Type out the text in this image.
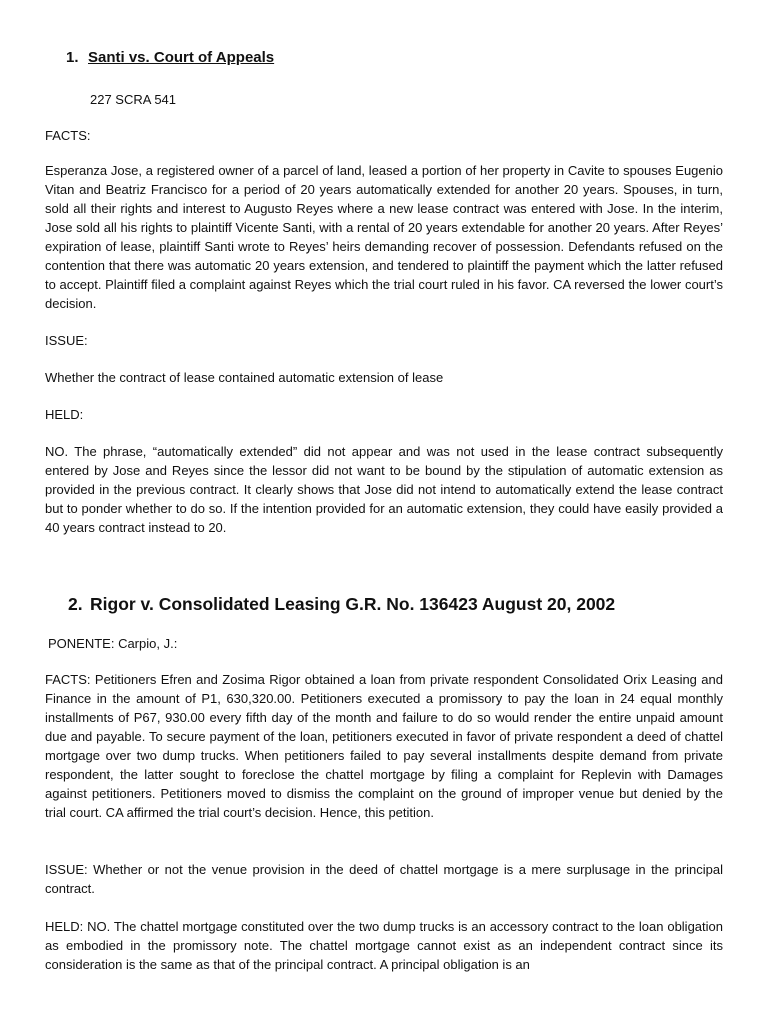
1. Santi vs. Court of Appeals

227 SCRA 541

FACTS:

Esperanza Jose, a registered owner of a parcel of land, leased a portion of her property in Cavite to spouses Eugenio Vitan and Beatriz Francisco for a period of 20 years automatically extended for another 20 years. Spouses, in turn, sold all their rights and interest to Augusto Reyes where a new lease contract was entered with Jose. In the interim, Jose sold all his rights to plaintiff Vicente Santi, with a rental of 20 years extendable for another 20 years. After Reyes’ expiration of lease, plaintiff Santi wrote to Reyes’ heirs demanding recover of possession. Defendants refused on the contention that there was automatic 20 years extension, and tendered to plaintiff the payment which the latter refused to accept. Plaintiff filed a complaint against Reyes which the trial court ruled in his favor. CA reversed the lower court’s decision.

ISSUE:

Whether the contract of lease contained automatic extension of lease

HELD:

NO. The phrase, “automatically extended” did not appear and was not used in the lease contract subsequently entered by Jose and Reyes since the lessor did not want to be bound by the stipulation of automatic extension as provided in the previous contract. It clearly shows that Jose did not intend to automatically extend the lease contract but to ponder whether to do so. If the intention provided for an automatic extension, they could have easily provided a 40 years contract instead to 20.

2. Rigor v. Consolidated Leasing G.R. No. 136423 August 20, 2002

PONENTE: Carpio, J.:

FACTS: Petitioners Efren and Zosima Rigor obtained a loan from private respondent Consolidated Orix Leasing and Finance in the amount of P1, 630,320.00. Petitioners executed a promissory to pay the loan in 24 equal monthly installments of P67, 930.00 every fifth day of the month and failure to do so would render the entire unpaid amount due and payable. To secure payment of the loan, petitioners executed in favor of private respondent a deed of chattel mortgage over two dump trucks. When petitioners failed to pay several installments despite demand from private respondent, the latter sought to foreclose the chattel mortgage by filing a complaint for Replevin with Damages against petitioners. Petitioners moved to dismiss the complaint on the ground of improper venue but denied by the trial court. CA affirmed the trial court’s decision. Hence, this petition.

ISSUE: Whether or not the venue provision in the deed of chattel mortgage is a mere surplusage in the principal contract.

HELD: NO. The chattel mortgage constituted over the two dump trucks is an accessory contract to the loan obligation as embodied in the promissory note. The chattel mortgage cannot exist as an independent contract since its consideration is the same as that of the principal contract. A principal obligation is an
